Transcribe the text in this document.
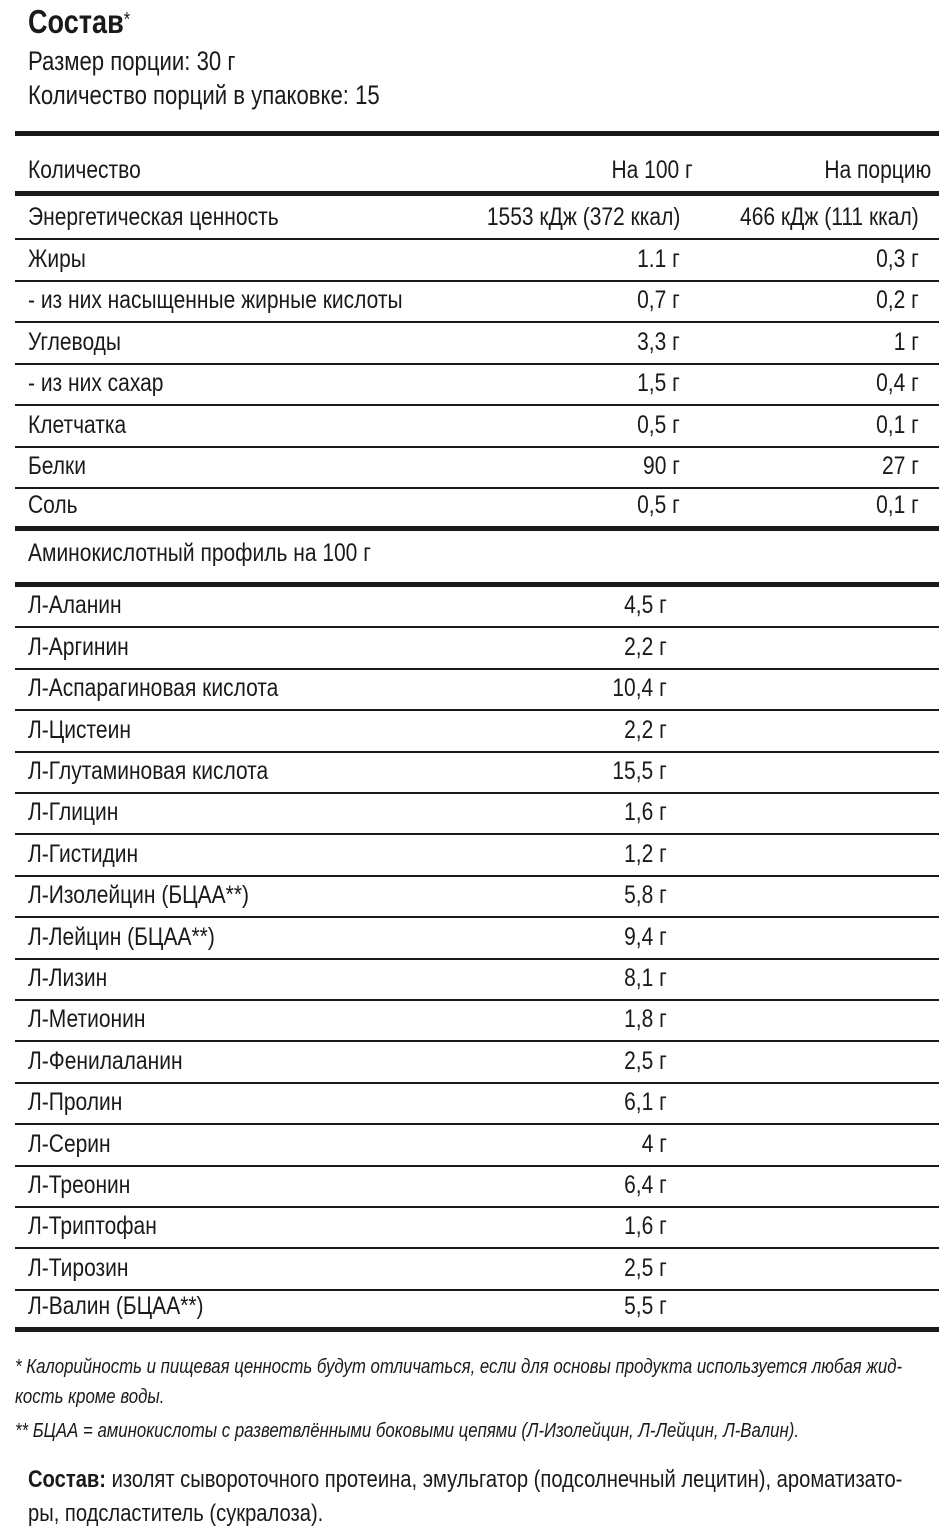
Состав*
Размер порции: 30 г
Количество порций в упаковке: 15
Количество	На 100 г	На порцию
Энергетическая ценность	1553 кДж (372 ккал) 466 кДж (111 ккал)
Жиры	1.1 г	0,3 г
- из них насыщенные жирные кислоты	0,7 г	0,2 г
Углеводы	3,3 г	1 г
- из них сахар	1,5 г	0,4 г
Клетчатка	0,5 г	0,1 г
Белки	90 г	27 г
Соль	0,5 г	0,1 г
Аминокислотный профиль на 100 г
Л-Аланин	4,5 г
Л-Аргинин	2,2 г
Л-Аспарагиновая кислота	10,4 г
Л-Цистеин	2,2 г
Л-Глутаминовая кислота	15,5 г
Л-Глицин	1,6 г
Л-Гистидин	1,2 г
Л-Изолейцин (БЦАА**)	5,8 г
Л-Лейцин (БЦАА**)	9,4 г
Л-Лизин	8,1 г
Л-Метионин	1,8 г
Л-Фенилаланин	2,5 г
Л-Пролин	6,1 г
Л-Серин	4 г
Л-Треонин	6,4 г
Л-Триптофан	1,6 г
Л-Тирозин	2,5 г
Л-Валин (БЦАА**)	5,5 г
* Калорийность и пищевая ценность будут отличаться, если для основы продукта используется любая жид-
кость кроме воды.
** БЦАА = аминокислоты с разветвлёнными боковыми цепями (Л-Изолейцин, Л-Лейцин, Л-Валин).
Состав: изолят сывороточного протеина, эмульгатор (подсолнечный лецитин), ароматизато-
ры, подсластитель (сукралоза).
